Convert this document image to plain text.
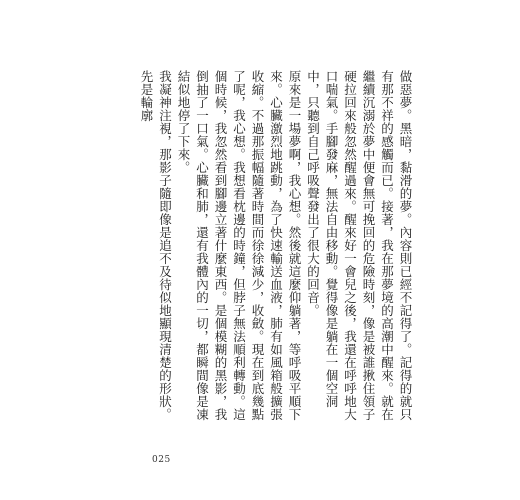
做惡夢。黑暗，黏滑的夢。內容則已經不記得了。記得的就只有那不祥的感觸而已。接著，我在那夢境的高潮中醒來。就在繼續沉溺於夢中便會無可挽回的危險時刻，像是被誰揪住領子硬拉回來般忽然醒過來。醒來好一會兒之後，我還在呼呼地大口喘氣。手腳發麻，無法自由移動。覺得像是躺在一個空洞中，只聽到自己呼吸聲發出了很大的回音。

原來是一場夢啊，我心想。然後就這麼仰躺著，等呼吸平順下來。心臟激烈地跳動，為了快速輸送血液，肺有如風箱般擴張收縮。不過那振幅隨著時間而徐徐減少，收斂。現在到底幾點了呢，我心想。我想看枕邊的時鐘，但脖子無法順利轉動。這個時候，我忽然看到腳邊立著什麼東西。是個模糊的黑影，我倒抽了一口氣。心臟和肺，還有我體內的一切，都瞬間像是凍結似地停了下來。

我凝神注視，那影子隨即像是追不及待似地顯現清楚的形狀。先是輪廓

025
